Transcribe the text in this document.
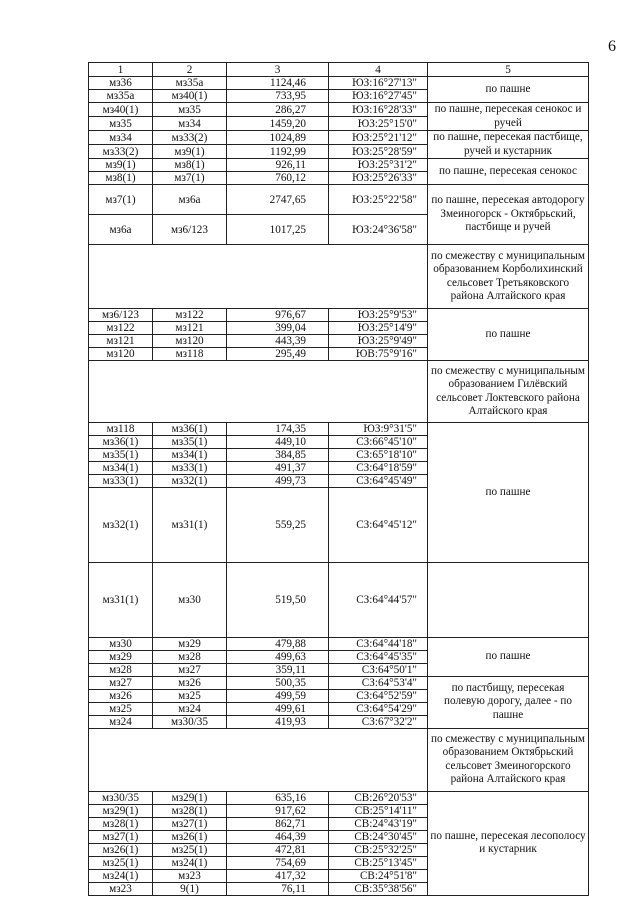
6
1	2	3	4	5	
мз36	мз35а	1124,46	ЮЗ:16°27'13"	по пашне	
мз35а	мз40(1)	733,95	ЮЗ:16°27'45"		
мз40(1)	мз35	286,27	ЮЗ:16°28'33"	по пашне, пересекая сенокос и ручей	
мз35	мз34	1459,20	ЮЗ:25°15'0"		
мз34	мз33(2)	1024,89	ЮЗ:25°21'12"	по пашне, пересекая пастбище, ручей и кустарник	
мз33(2)	мз9(1)	1192,99	ЮЗ:25°28'59"		
мз9(1)	мз8(1)	926,11	ЮЗ:25°31'2"	по пашне, пересекая сенокос	
мз8(1)	мз7(1)	760,12	ЮЗ:25°26'33"		
мз7(1)	мз6а	2747,65	ЮЗ:25°22'58"	по пашне, пересекая автодорогу Змеиногорск - Октябрьский, пастбище и ручей	
мз6а	мз6/123	1017,25	ЮЗ:24°36'58"		
				по смежеству с муниципальным образованием Корболихинский сельсовет Третьяковского района Алтайского края	
мз6/123	мз122	976,67	ЮЗ:25°9'53"	по пашне	
мз122	мз121	399,04	ЮЗ:25°14'9"		
мз121	мз120	443,39	ЮЗ:25°9'49"		
мз120	мз118	295,49	ЮВ:75°9'16"		
				по смежеству с муниципальным образованием Гилёвский сельсовет Локтевского района Алтайского края	
мз118	мз36(1)	174,35	ЮЗ:9°31'5"	по пашне	
мз36(1)	мз35(1)	449,10	СЗ:66°45'10"		
мз35(1)	мз34(1)	384,85	СЗ:65°18'10"		
мз34(1)	мз33(1)	491,37	СЗ:64°18'59"		
мз33(1)	мз32(1)	499,73	СЗ:64°45'49"		
мз32(1)	мз31(1)	559,25	СЗ:64°45'12"	
мз31(1)	мз30	519,50	СЗ:64°44'57"		
мз30	мз29	479,88	СЗ:64°44'18"	по пашне	
мз29	мз28	499,63	СЗ:64°45'35"		
мз28	мз27	359,11	СЗ:64°50'1"		
мз27	мз26	500,35	СЗ:64°53'4"	по пастбищу, пересекая полевую дорогу, далее - по пашне	
мз26	мз25	499,59	СЗ:64°52'59"		
мз25	мз24	499,61	СЗ:64°54'29"		
мз24	мз30/35	419,93	СЗ:67°32'2"		
				по смежеству с муниципальным образованием Октябрьский сельсовет Змеиногорского района Алтайского края	
мз30/35	мз29(1)	635,16	СВ:26°20'53"	по пашне, пересекая лесополосу и кустарник	
мз29(1)	мз28(1)	917,62	СВ:25°14'11"		
мз28(1)	мз27(1)	862,71	СВ:24°43'19"		
мз27(1)	мз26(1)	464,39	СВ:24°30'45"		
мз26(1)	мз25(1)	472,81	СВ:25°32'25"		
мз25(1)	мз24(1)	754,69	СВ:25°13'45"		
мз24(1)	мз23	417,32	СВ:24°51'8"		
мз23	9(1)	76,11	СВ:35°38'56"		
